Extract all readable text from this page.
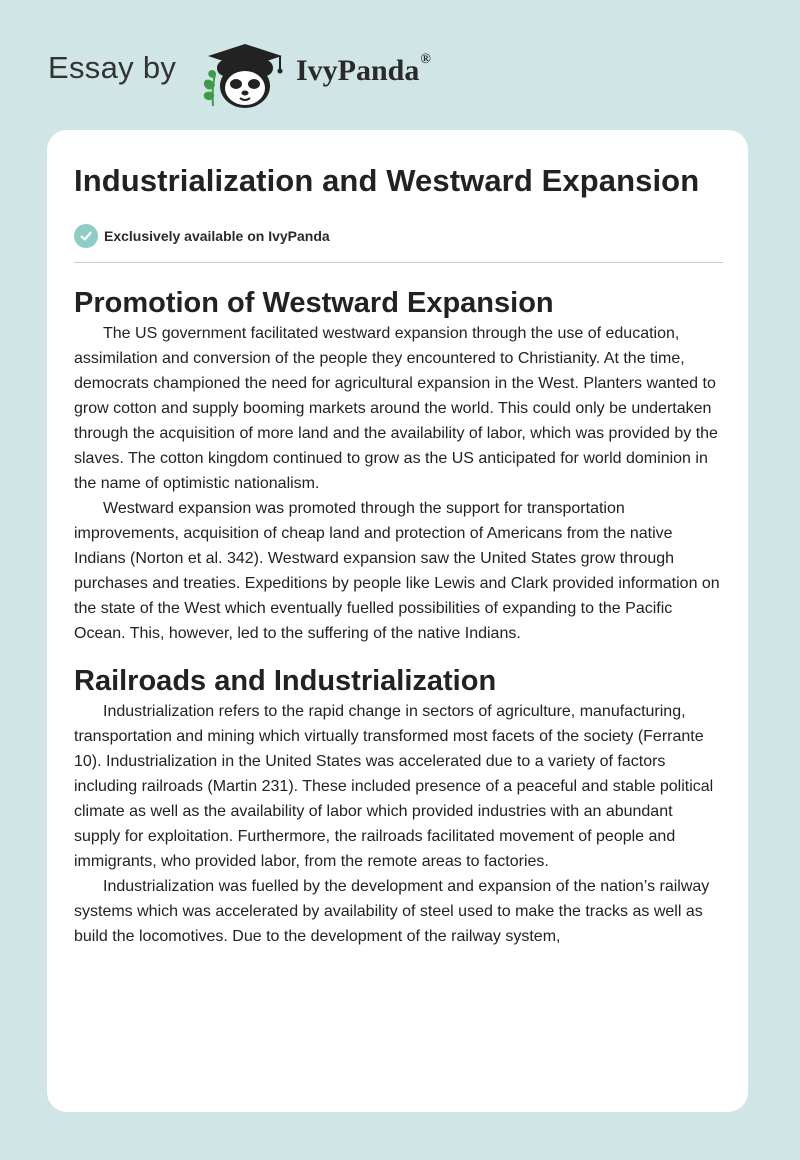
Essay by	IvyPanda®
Industrialization and Westward Expansion
Exclusively available on IvyPanda
Promotion of Westward Expansion

The US government facilitated westward expansion through the use of education, assimilation and conversion of the people they encountered to Christianity. At the time, democrats championed the need for agricultural expansion in the West. Planters wanted to grow cotton and supply booming markets around the world. This could only be undertaken through the acquisition of more land and the availability of labor, which was provided by the slaves. The cotton kingdom continued to grow as the US anticipated for world dominion in the name of optimistic nationalism.

Westward expansion was promoted through the support for transportation improvements, acquisition of cheap land and protection of Americans from the native Indians (Norton et al. 342). Westward expansion saw the United States grow through purchases and treaties. Expeditions by people like Lewis and Clark provided information on the state of the West which eventually fuelled possibilities of expanding to the Pacific Ocean. This, however, led to the suffering of the native Indians.

Railroads and Industrialization

Industrialization refers to the rapid change in sectors of agriculture, manufacturing, transportation and mining which virtually transformed most facets of the society (Ferrante 10). Industrialization in the United States was accelerated due to a variety of factors including railroads (Martin 231). These included presence of a peaceful and stable political climate as well as the availability of labor which provided industries with an abundant supply for exploitation. Furthermore, the railroads facilitated movement of people and immigrants, who provided labor, from the remote areas to factories.

Industrialization was fuelled by the development and expansion of the nation’s railway systems which was accelerated by availability of steel used to make the tracks as well as build the locomotives. Due to the development of the railway system,
